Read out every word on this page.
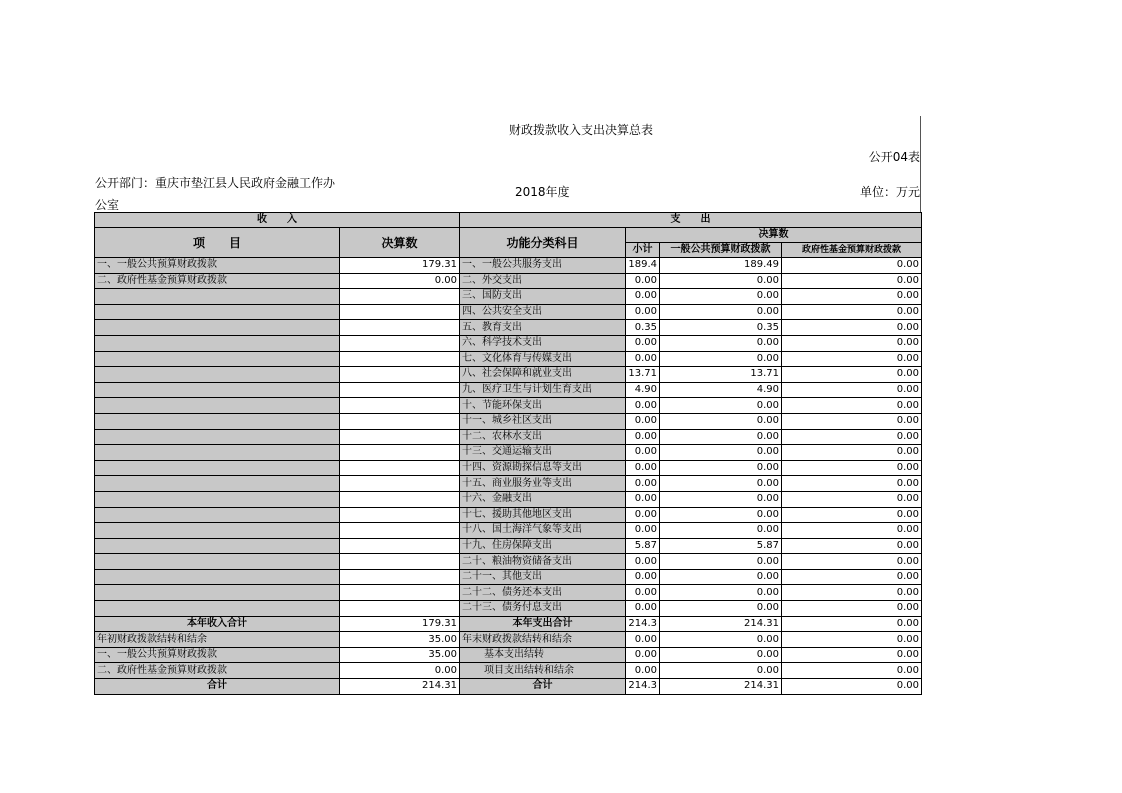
财政拨款收入支出决算总表
公开04表
公开部门：重庆市垫江县人民政府金融工作办公室
2018年度	单位：万元
收　　入		支　　出			
项　　目	决算数	功能分类科目	决算数		
			小计	一般公共预算财政拨款	政府性基金预算财政拨款
一、一般公共预算财政拨款	179.31	一、一般公共服务支出	189.4	189.49	0.00
二、政府性基金预算财政拨款	0.00	二、外交支出	0.00	0.00	0.00
		三、国防支出	0.00	0.00	0.00
		四、公共安全支出	0.00	0.00	0.00
		五、教育支出	0.35	0.35	0.00
		六、科学技术支出	0.00	0.00	0.00
		七、文化体育与传媒支出	0.00	0.00	0.00
		八、社会保障和就业支出	13.71	13.71	0.00
		九、医疗卫生与计划生育支出	4.90	4.90	0.00
		十、节能环保支出	0.00	0.00	0.00
		十一、城乡社区支出	0.00	0.00	0.00
		十二、农林水支出	0.00	0.00	0.00
		十三、交通运输支出	0.00	0.00	0.00
		十四、资源勘探信息等支出	0.00	0.00	0.00
		十五、商业服务业等支出	0.00	0.00	0.00
		十六、金融支出	0.00	0.00	0.00
		十七、援助其他地区支出	0.00	0.00	0.00
		十八、国土海洋气象等支出	0.00	0.00	0.00
		十九、住房保障支出	5.87	5.87	0.00
		二十、粮油物资储备支出	0.00	0.00	0.00
		二十一、其他支出	0.00	0.00	0.00
		二十二、债务还本支出	0.00	0.00	0.00
		二十三、债务付息支出	0.00	0.00	0.00
本年收入合计	179.31	本年支出合计	214.3	214.31	0.00
年初财政拨款结转和结余	35.00	年末财政拨款结转和结余	0.00	0.00	0.00
一、一般公共预算财政拨款	35.00	基本支出结转	0.00	0.00	0.00
二、政府性基金预算财政拨款	0.00	项目支出结转和结余	0.00	0.00	0.00
合计	214.31	合计	214.3	214.31	0.00
